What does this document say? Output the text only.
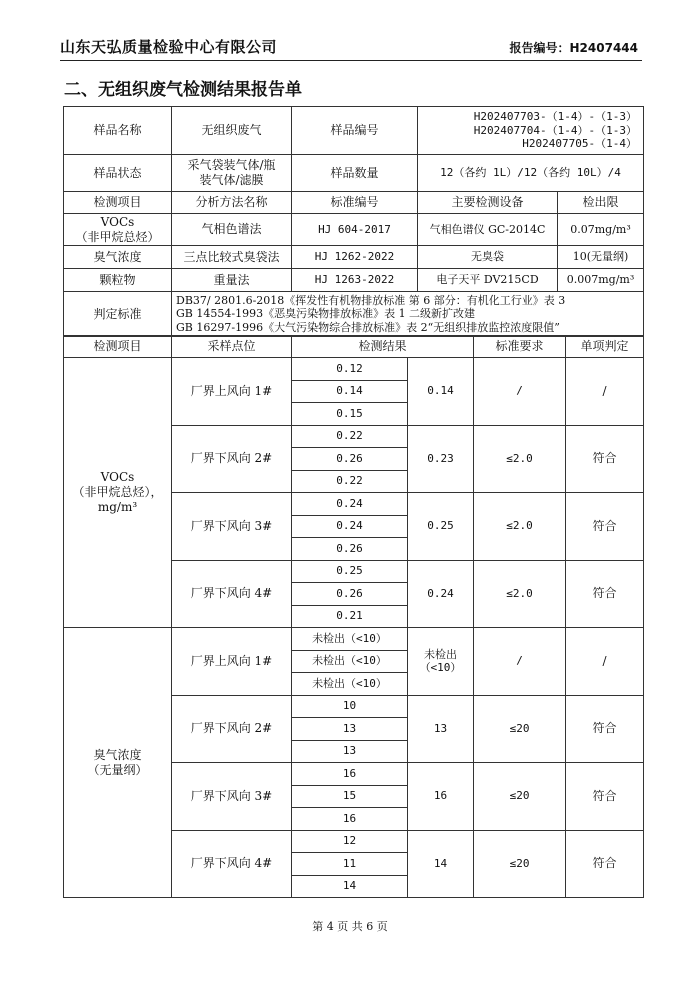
山东天弘质量检验中心有限公司	报告编号：H2407444
二、无组织废气检测结果报告单
样品名称	无组织废气	样品编号	H202407703-（1-4）-（1-3）
H202407704-（1-4）-（1-3）
H202407705-（1-4）	

样品状态	采气袋装气体/瓶
装气体/滤膜	样品数量	12（各约 1L）/12（各约 10L）/4	
检测项目	分析方法名称	标准编号	主要检测设备	检出限

VOCs
（非甲烷总烃）	气相色谱法	HJ 604-2017	气相色谱仪 GC-2014C	0.07mg/m³
臭气浓度	三点比较式臭袋法	HJ 1262-2022	无臭袋	10(无量纲)
颗粒物	重量法	HJ 1263-2022	电子天平 DV215CD	0.007mg/m³
判定标准	DB37/ 2801.6-2018《挥发性有机物排放标准 第 6 部分：有机化工行业》表 3
GB 14554-1993《恶臭污染物排放标准》表 1 二级新扩改建
GB 16297-1996《大气污染物综合排放标准》表 2“无组织排放监控浓度限值”			
检测项目	采样点位	检测结果		标准要求	单项判定

VOCs
（非甲烷总烃），
mg/m³	厂界上风向 1#	0.12	0.14	/	/
		0.14			
		0.15			
	厂界下风向 2#	0.22	0.23	≤2.0	符合
		0.26			
		0.22			
	厂界下风向 3#	0.24	0.25	≤2.0	符合
		0.24			
		0.26			
	厂界下风向 4#	0.25	0.24	≤2.0	符合
		0.26			
		0.21			

臭气浓度
（无量纲）	厂界上风向 1#	未检出（<10）	未检出（<10）	/	/
		未检出（<10）			
		未检出（<10）			
	厂界下风向 2#	10	13	≤20	符合
		13			
		13			
	厂界下风向 3#	16	16	≤20	符合
		15			
		16			
	厂界下风向 4#	12	14	≤20	符合
		11			
		14			
第 4 页 共 6 页
